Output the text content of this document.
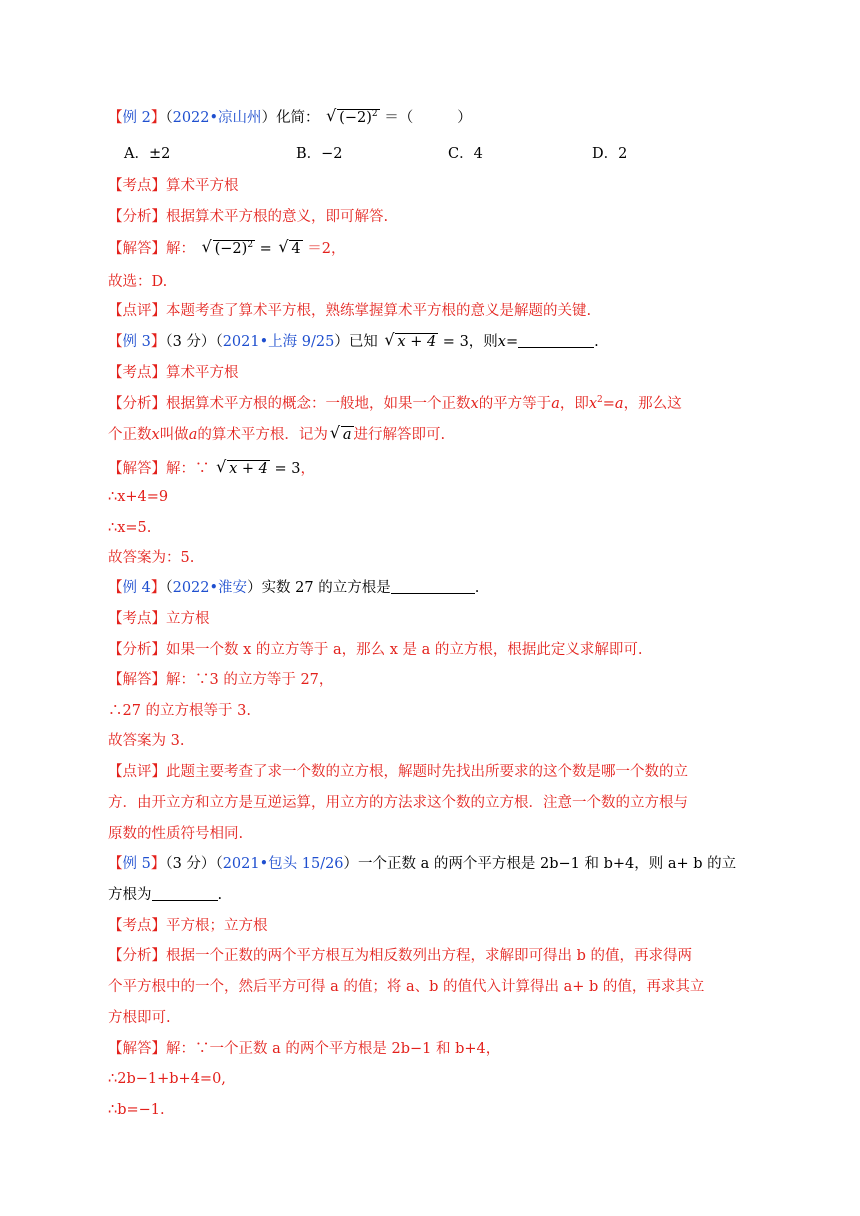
【例 2】（2022•凉山州）化简： √ $(-2)^2$ ＝（	）
A．±2	B．−2	C．4	D．2
【考点】算术平方根
【分析】根据算术平方根的意义，即可解答.
【解答】解： √ $(-2)^2$ = √ 4 ＝2，
故选：D.
【点评】本题考查了算术平方根，熟练掌握算术平方根的意义是解题的关键.
【例 3】（3 分）（2021•上海 9/25）已知 √ x + 4 = 3，则x=	.
【考点】算术平方根
【分析】根据算术平方根的概念：一般地，如果一个正数x的平方等于a，即$x^2=a$，那么这
个正数x叫做a的算术平方根．记为 √ a 进行解答即可.
【解答】解：∵ √ x + 4 = 3，
∴x+4=9
∴x=5.
故答案为：5.
【例 4】（2022•淮安）实数 27 的立方根是	.
【考点】立方根
【分析】如果一个数 x 的立方等于 a，那么 x 是 a 的立方根，根据此定义求解即可.
【解答】解：∵3 的立方等于 27，
∴27 的立方根等于 3.
故答案为 3.
【点评】此题主要考查了求一个数的立方根，解题时先找出所要求的这个数是哪一个数的立
方．由开立方和立方是互逆运算，用立方的方法求这个数的立方根．注意一个数的立方根与
原数的性质符号相同.
【例 5】（3 分）（2021•包头 15/26）一个正数 a 的两个平方根是 2b−1 和 b+4，则 a+ b 的立
方根为	.
【考点】平方根；立方根
【分析】根据一个正数的两个平方根互为相反数列出方程，求解即可得出 b 的值，再求得两
个平方根中的一个，然后平方可得 a 的值；将 a、b 的值代入计算得出 a+ b 的值，再求其立
方根即可.
【解答】解：∵一个正数 a 的两个平方根是 2b−1 和 b+4，
∴2b−1+b+4=0,
∴b=−1.
